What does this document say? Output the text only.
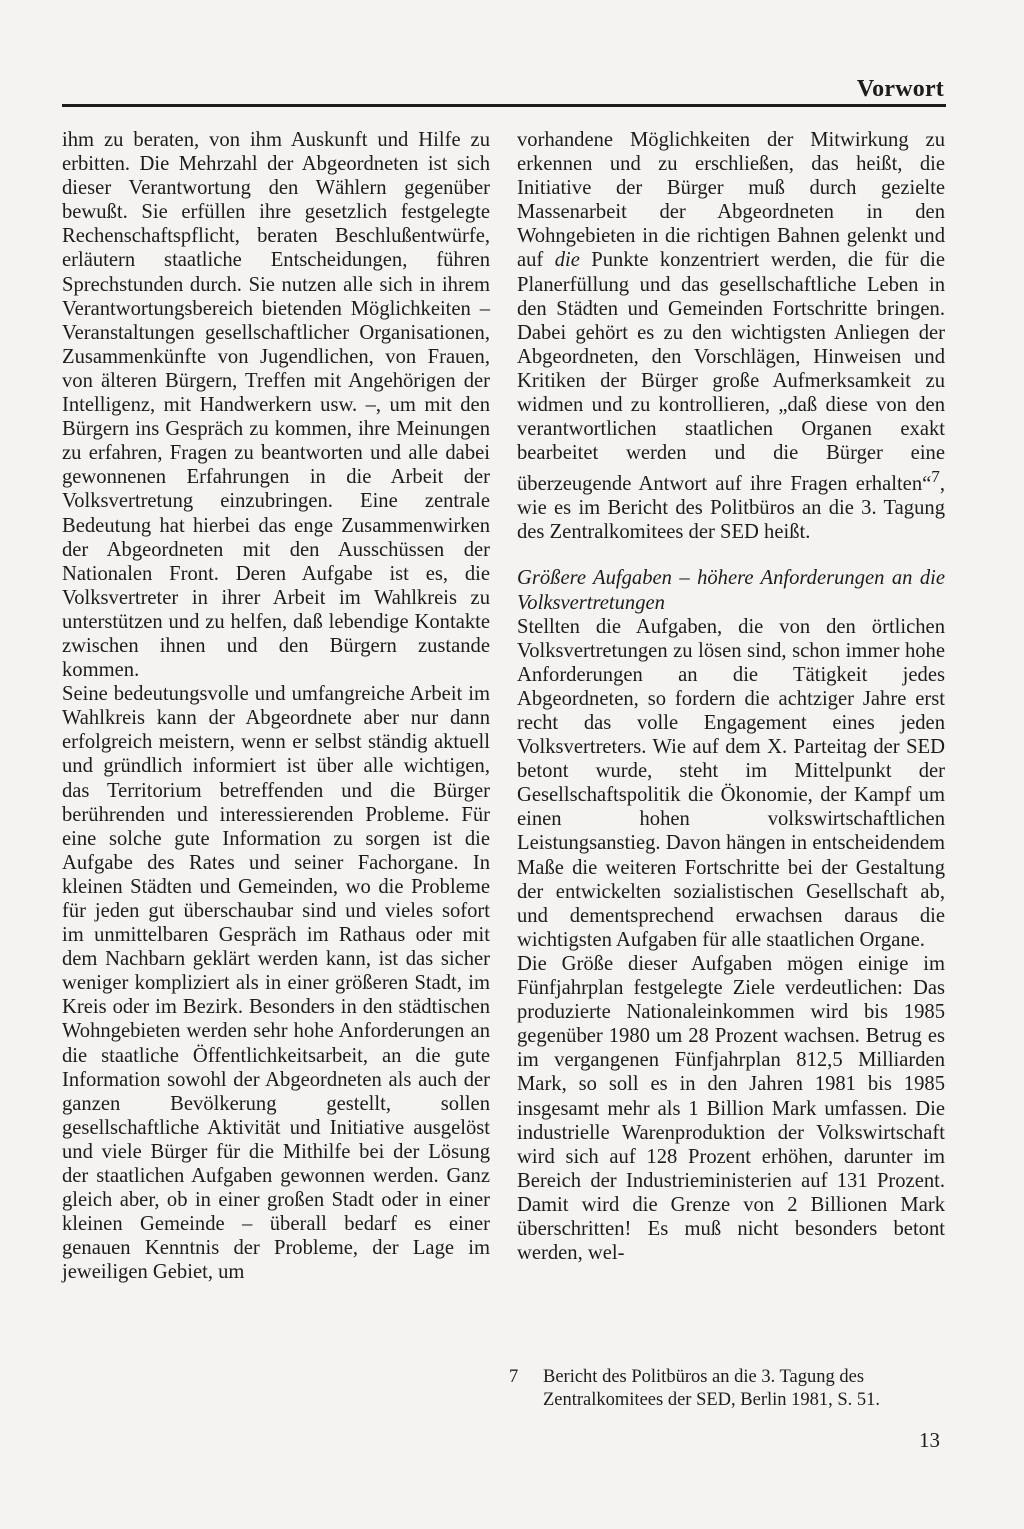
Vorwort

ihm zu beraten, von ihm Auskunft und Hilfe zu erbitten. Die Mehrzahl der Abgeordneten ist sich dieser Verantwortung den Wählern gegenüber bewußt. Sie erfüllen ihre gesetzlich festgelegte Rechenschaftspflicht, beraten Beschlußentwürfe, erläutern staatliche Entscheidungen, führen Sprechstunden durch. Sie nutzen alle sich in ihrem Verantwortungsbereich bietenden Möglichkeiten – Veranstaltungen gesellschaftlicher Organisationen, Zusammenkünfte von Jugendlichen, von Frauen, von älteren Bürgern, Treffen mit Angehörigen der Intelligenz, mit Handwerkern usw. –, um mit den Bürgern ins Gespräch zu kommen, ihre Meinungen zu erfahren, Fragen zu beantworten und alle dabei gewonnenen Erfahrungen in die Arbeit der Volksvertretung einzubringen. Eine zentrale Bedeutung hat hierbei das enge Zusammenwirken der Abgeordneten mit den Ausschüssen der Nationalen Front. Deren Aufgabe ist es, die Volksvertreter in ihrer Arbeit im Wahlkreis zu unterstützen und zu helfen, daß lebendige Kontakte zwischen ihnen und den Bürgern zustande kommen.

Seine bedeutungsvolle und umfangreiche Arbeit im Wahlkreis kann der Abgeordnete aber nur dann erfolgreich meistern, wenn er selbst ständig aktuell und gründlich informiert ist über alle wichtigen, das Territorium betreffenden und die Bürger berührenden und interessierenden Probleme. Für eine solche gute Information zu sorgen ist die Aufgabe des Rates und seiner Fachorgane. In kleinen Städten und Gemeinden, wo die Probleme für jeden gut überschaubar sind und vieles sofort im unmittelbaren Gespräch im Rathaus oder mit dem Nachbarn geklärt werden kann, ist das sicher weniger kompliziert als in einer größeren Stadt, im Kreis oder im Bezirk. Besonders in den städtischen Wohngebieten werden sehr hohe Anforderungen an die staatliche Öffentlichkeitsarbeit, an die gute Information sowohl der Abgeordneten als auch der ganzen Bevölkerung gestellt, sollen gesellschaftliche Aktivität und Initiative ausgelöst und viele Bürger für die Mithilfe bei der Lösung der staatlichen Aufgaben gewonnen werden. Ganz gleich aber, ob in einer großen Stadt oder in einer kleinen Gemeinde – überall bedarf es einer genauen Kenntnis der Probleme, der Lage im jeweiligen Gebiet, um

vorhandene Möglichkeiten der Mitwirkung zu erkennen und zu erschließen, das heißt, die Initiative der Bürger muß durch gezielte Massenarbeit der Abgeordneten in den Wohngebieten in die richtigen Bahnen gelenkt und auf die Punkte konzentriert werden, die für die Planerfüllung und das gesellschaftliche Leben in den Städten und Gemeinden Fortschritte bringen. Dabei gehört es zu den wichtigsten Anliegen der Abgeordneten, den Vorschlägen, Hinweisen und Kritiken der Bürger große Aufmerksamkeit zu widmen und zu kontrollieren, „daß diese von den verantwortlichen staatlichen Organen exakt bearbeitet werden und die Bürger eine überzeugende Antwort auf ihre Fragen erhalten“$^7$, wie es im Bericht des Politbüros an die 3. Tagung des Zentralkomitees der SED heißt.

Größere Aufgaben – höhere Anforderungen an die Volksvertretungen

Stellten die Aufgaben, die von den örtlichen Volksvertretungen zu lösen sind, schon immer hohe Anforderungen an die Tätigkeit jedes Abgeordneten, so fordern die achtziger Jahre erst recht das volle Engagement eines jeden Volksvertreters. Wie auf dem X. Parteitag der SED betont wurde, steht im Mittelpunkt der Gesellschaftspolitik die Ökonomie, der Kampf um einen hohen volkswirtschaftlichen Leistungsanstieg. Davon hängen in entscheidendem Maße die weiteren Fortschritte bei der Gestaltung der entwickelten sozialistischen Gesellschaft ab, und dementsprechend erwachsen daraus die wichtigsten Aufgaben für alle staatlichen Organe.

Die Größe dieser Aufgaben mögen einige im Fünfjahrplan festgelegte Ziele verdeutlichen: Das produzierte Nationaleinkommen wird bis 1985 gegenüber 1980 um 28 Prozent wachsen. Betrug es im vergangenen Fünfjahrplan 812,5 Milliarden Mark, so soll es in den Jahren 1981 bis 1985 insgesamt mehr als 1 Billion Mark umfassen. Die industrielle Warenproduktion der Volkswirtschaft wird sich auf 128 Prozent erhöhen, darunter im Bereich der Industrieministerien auf 131 Prozent. Damit wird die Grenze von 2 Billionen Mark überschritten! Es muß nicht besonders betont werden, wel-

7	Bericht des Politbüros an die 3. Tagung des Zentralkomitees der SED, Berlin 1981, S. 51.
13
